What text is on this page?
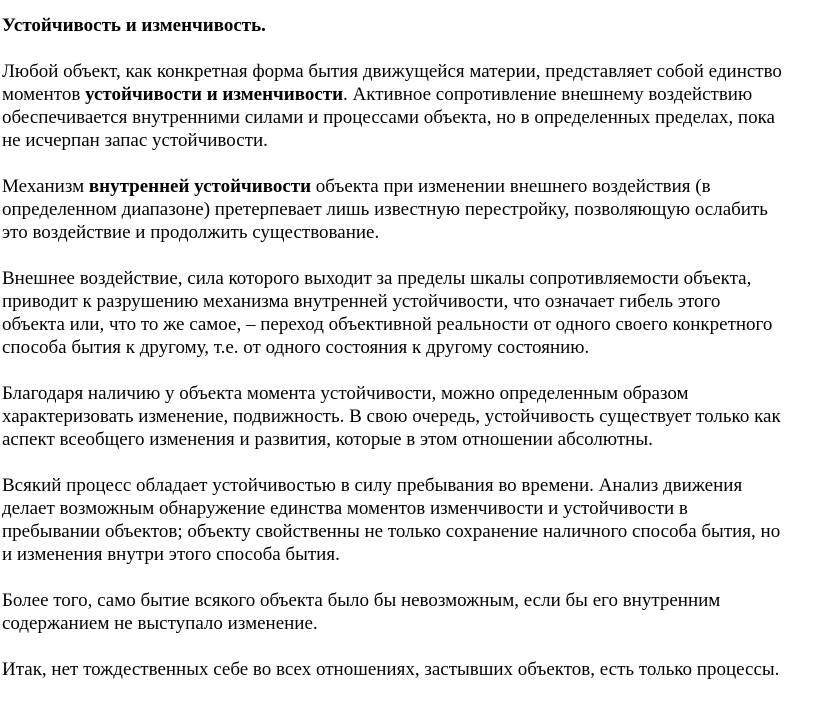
Устойчивость и изменчивость.
Любой объект, как конкретная форма бытия движущейся материи, представляет собой единство
моментов устойчивости и изменчивости. Активное сопротивление внешнему воздействию
обеспечивается внутренними силами и процессами объекта, но в определенных пределах, пока
не исчерпан запас устойчивости.
Механизм внутренней устойчивости объекта при изменении внешнего воздействия (в
определенном диапазоне) претерпевает лишь известную перестройку, позволяющую ослабить
это воздействие и продолжить существование.
Внешнее воздействие, сила которого выходит за пределы шкалы сопротивляемости объекта,
приводит к разрушению механизма внутренней устойчивости, что означает гибель этого
объекта или, что то же самое, – переход объективной реальности от одного своего конкретного
способа бытия к другому, т.е. от одного состояния к другому состоянию.
Благодаря наличию у объекта момента устойчивости, можно определенным образом
характеризовать изменение, подвижность. В свою очередь, устойчивость существует только как
аспект всеобщего изменения и развития, которые в этом отношении абсолютны.
Всякий процесс обладает устойчивостью в силу пребывания во времени. Анализ движения
делает возможным обнаружение единства моментов изменчивости и устойчивости в
пребывании объектов; объекту свойственны не только сохранение наличного способа бытия, но
и изменения внутри этого способа бытия.
Более того, само бытие всякого объекта было бы невозможным, если бы его внутренним
содержанием не выступало изменение.
Итак, нет тождественных себе во всех отношениях, застывших объектов, есть только процессы.
